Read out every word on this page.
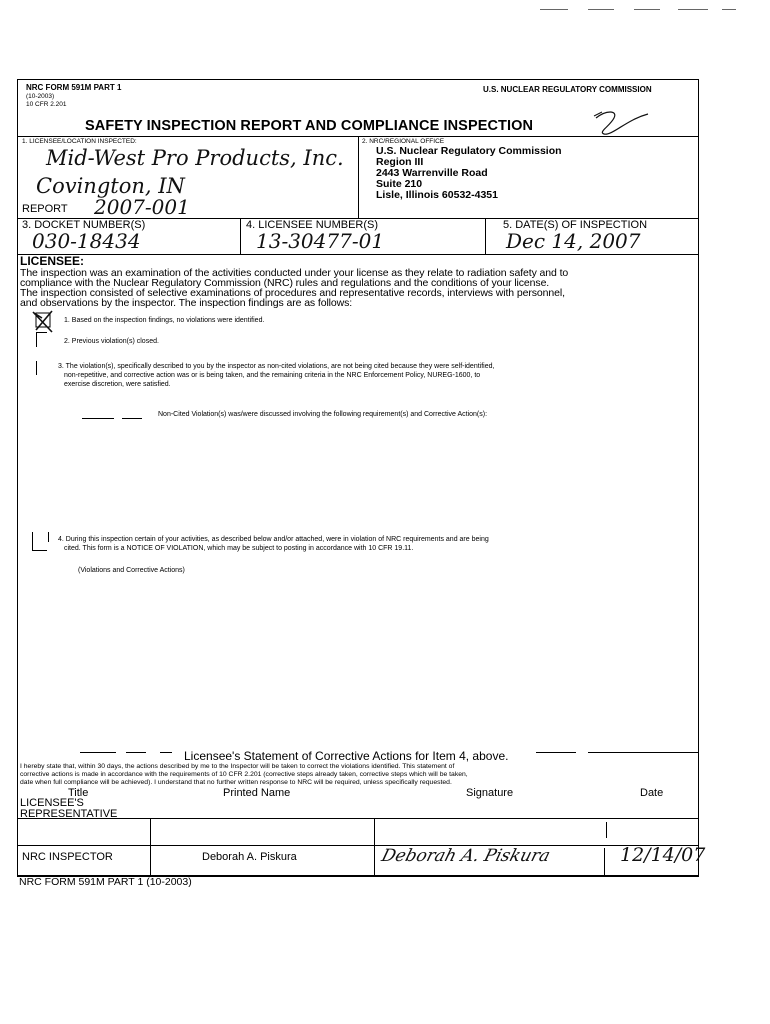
NRC FORM 591M PART 1
(10-2003)
10 CFR 2.201
U.S. NUCLEAR REGULATORY COMMISSION
SAFETY INSPECTION REPORT AND COMPLIANCE INSPECTION
1. LICENSEE/LOCATION INSPECTED:
Mid-West Pro Products, Inc.
Covington, IN
REPORT 2007-001
2. NRC/REGIONAL OFFICE
U.S. Nuclear Regulatory Commission
Region III
2443 Warrenville Road
Suite 210
Lisle, Illinois 60532-4351
3. DOCKET NUMBER(S)
030-18434
4. LICENSEE NUMBER(S)
13-30477-01
5. DATE(S) OF INSPECTION
Dec 14, 2007
LICENSEE:
The inspection was an examination of the activities conducted under your license as they relate to radiation safety and to
compliance with the Nuclear Regulatory Commission (NRC) rules and regulations and the conditions of your license.
The inspection consisted of selective examinations of procedures and representative records, interviews with personnel,
and observations by the inspector. The inspection findings are as follows:
1. Based on the inspection findings, no violations were identified.
2. Previous violation(s) closed.
3. The violation(s), specifically described to you by the inspector as non-cited violations, are not being cited because they were self-identified,
non-repetitive, and corrective action was or is being taken, and the remaining criteria in the NRC Enforcement Policy, NUREG-1600, to
exercise discretion, were satisfied.
Non-Cited Violation(s) was/were discussed involving the following requirement(s) and Corrective Action(s):
4. During this inspection certain of your activities, as described below and/or attached, were in violation of NRC requirements and are being
cited. This form is a NOTICE OF VIOLATION, which may be subject to posting in accordance with 10 CFR 19.11.
(Violations and Corrective Actions)
Licensee's Statement of Corrective Actions for Item 4, above.
I hereby state that, within 30 days, the actions described by me to the Inspector will be taken to correct the violations identified. This statement of
corrective actions is made in accordance with the requirements of 10 CFR 2.201 (corrective steps already taken, corrective steps which will be taken,
date when full compliance will be achieved). I understand that no further written response to NRC will be required, unless specifically requested.
Title	Printed Name	Signature	Date
LICENSEE'S REPRESENTATIVE
NRC INSPECTOR	Deborah A. Piskura	Deborah A. Piskura	12/14/07
NRC FORM 591M PART 1 (10-2003)
